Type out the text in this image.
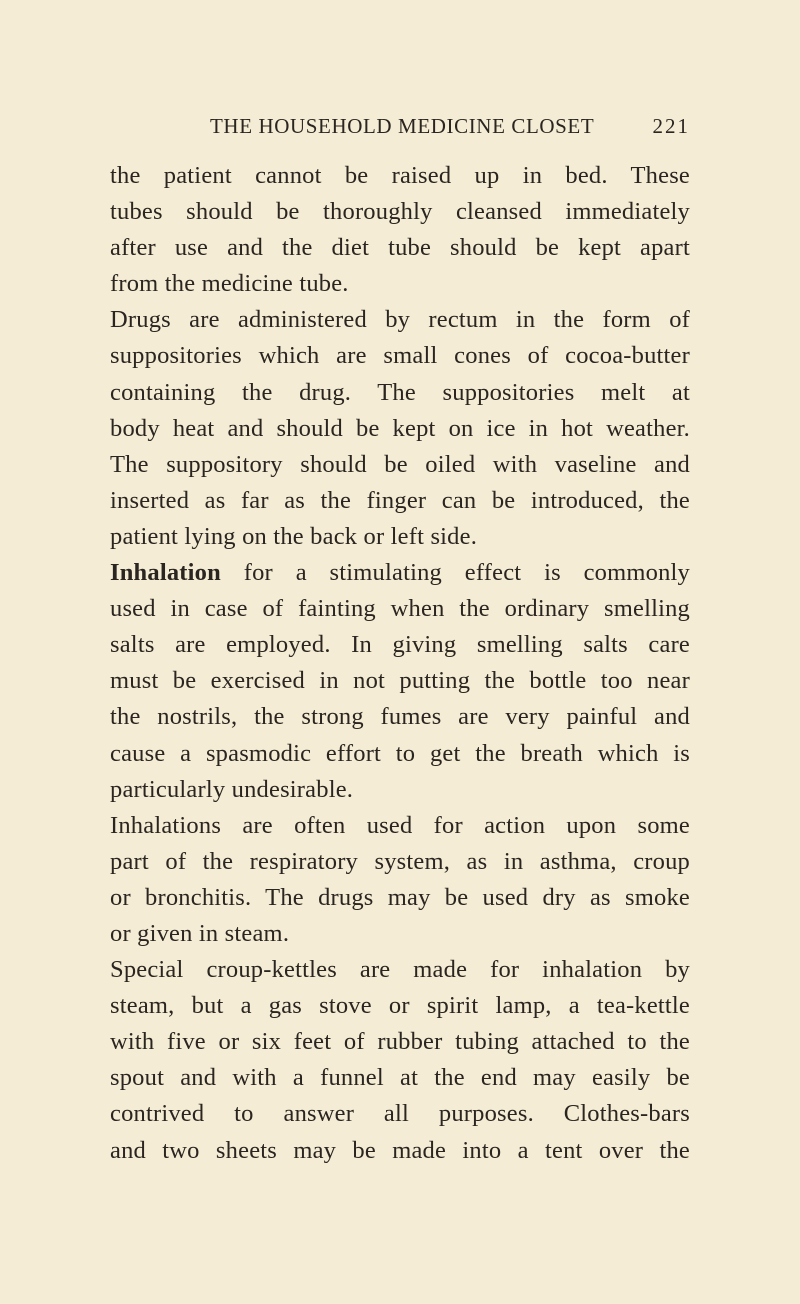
THE HOUSEHOLD MEDICINE CLOSET	221
the patient cannot be raised up in bed. These
tubes should be thoroughly cleansed immediately
after use and the diet tube should be kept apart
from the medicine tube.
Drugs are administered by rectum in the form of
suppositories which are small cones of cocoa-butter
containing the drug. The suppositories melt at
body heat and should be kept on ice in hot weather.
The suppository should be oiled with vaseline and
inserted as far as the finger can be introduced, the
patient lying on the back or left side.
Inhalation for a stimulating effect is commonly
used in case of fainting when the ordinary smelling
salts are employed. In giving smelling salts care
must be exercised in not putting the bottle too near
the nostrils, the strong fumes are very painful and
cause a spasmodic effort to get the breath which is
particularly undesirable.
Inhalations are often used for action upon some
part of the respiratory system, as in asthma, croup
or bronchitis. The drugs may be used dry as smoke
or given in steam.
Special croup-kettles are made for inhalation by
steam, but a gas stove or spirit lamp, a tea-kettle
with five or six feet of rubber tubing attached to the
spout and with a funnel at the end may easily be
contrived to answer all purposes. Clothes-bars
and two sheets may be made into a tent over the
